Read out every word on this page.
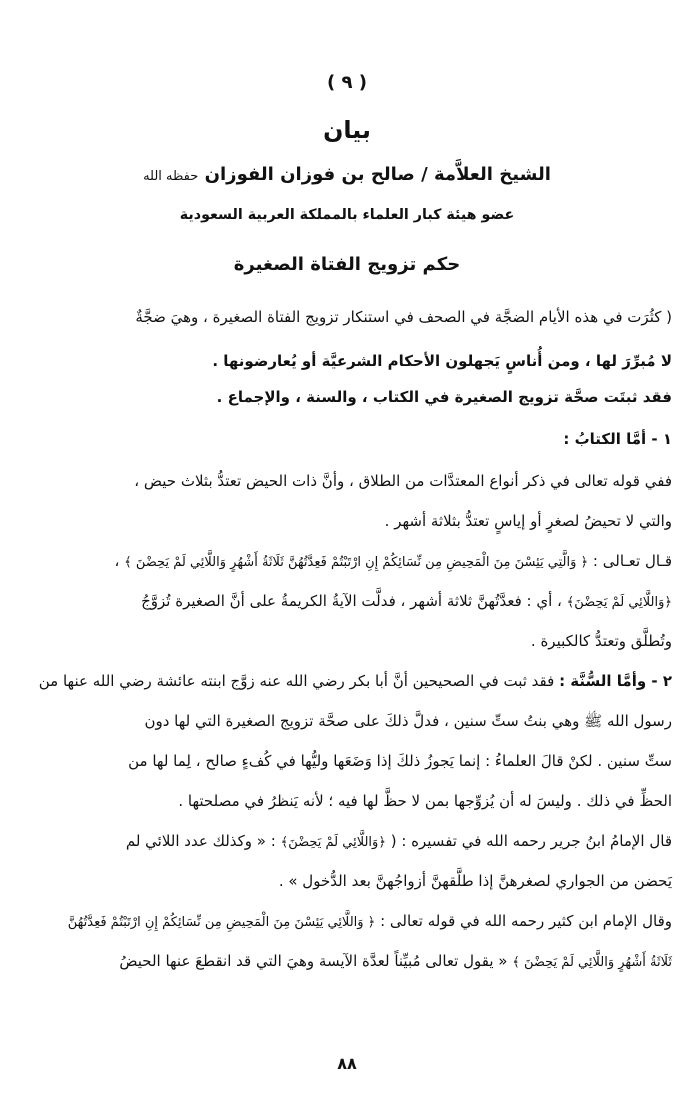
( ٩ )
بيان
الشيخ العلاَّمة / صالح بن فوزان الفوزان حفظه الله
عضو هيئة كبار العلماء بالمملكة العربية السعودية
حكم تزويج الفتاة الصغيرة
( كثُرَت في هذه الأيام الضجَّة في الصحف في استنكار تزويج الفتاة الصغيرة ، وهيَ ضجَّةٌ
لا مُبرِّرَ لها ، ومن أُناسٍ يَجهلون الأحكام الشرعيَّة أو يُعارضونها .
فقد ثبتَت صحَّة تزويج الصغيرة في الكتاب ، والسنة ، والإجماع .
١ - أمَّا الكتابُ :
ففي قوله تعالى في ذكر أنواع المعتدَّات من الطلاق ، وأنَّ ذات الحيض تعتدُّ بثلاث حيض ،
والتي لا تحيضُ لصغرٍ أو إياسٍ تعتدُّ بثلاثة أشهر .
قـال تعـالى : ﴿ وَالَّتِي يَئِسْنَ مِنَ الْمَحِيضِ مِن نِّسَائِكُمْ إِنِ ارْتَبْتُمْ فَعِدَّتُهُنَّ ثَلَاثَةُ أَشْهُرٍ وَاللَّائِي لَمْ يَحِضْنَ ﴾ ،
﴿وَاللَّائِي لَمْ يَحِضْنَ﴾ ، أي : فعدَّتُهنَّ ثلاثة أشهر ، فدلَّت الآيةُ الكريمةُ على أنَّ الصغيرة تُزوَّجُ
وتُطلَّق وتعتدُّ كالكبيرة .
٢ - وأمَّا السُّنَّة : فقد ثبت في الصحيحين أنَّ أبا بكر رضي الله عنه زوَّج ابنته عائشة رضي الله عنها من
رسول الله ﷺ وهي بنتُ ستِّ سنين ، فدلَّ ذلكَ على صحَّة تزويج الصغيرة التي لها دون
ستِّ سنين . لكنْ قالَ العلماءُ : إنما يَجوزُ ذلكَ إذا وَضَعَها وليُّها في كُفءٍ صالح ، لِما لها من
الحظِّ في ذلك . وليسَ له أن يُزوِّجها بمن لا حظَّ لها فيه ؛ لأنه يَنظرُ في مصلحتها .
قال الإمامُ ابنُ جرير رحمه الله في تفسيره : ( ﴿وَاللَّائِي لَمْ يَحِضْنَ﴾ : « وكذلك عدد اللائي لم
يَحضن من الجواري لصغرهنَّ إذا طلَّقهنَّ أزواجُهنَّ بعد الدُّخول » .
وقال الإمام ابن كثير رحمه الله في قوله تعالى : ﴿ وَاللَّائِي يَئِسْنَ مِنَ الْمَحِيضِ مِن نِّسَائِكُمْ إِنِ ارْتَبْتُمْ فَعِدَّتُهُنَّ
ثَلَاثَةُ أَشْهُرٍ وَاللَّائِي لَمْ يَحِضْنَ ﴾ « يقول تعالى مُبيِّناً لعدَّة الآيسة وهيَ التي قد انقطعَ عنها الحيضُ
٨٨
